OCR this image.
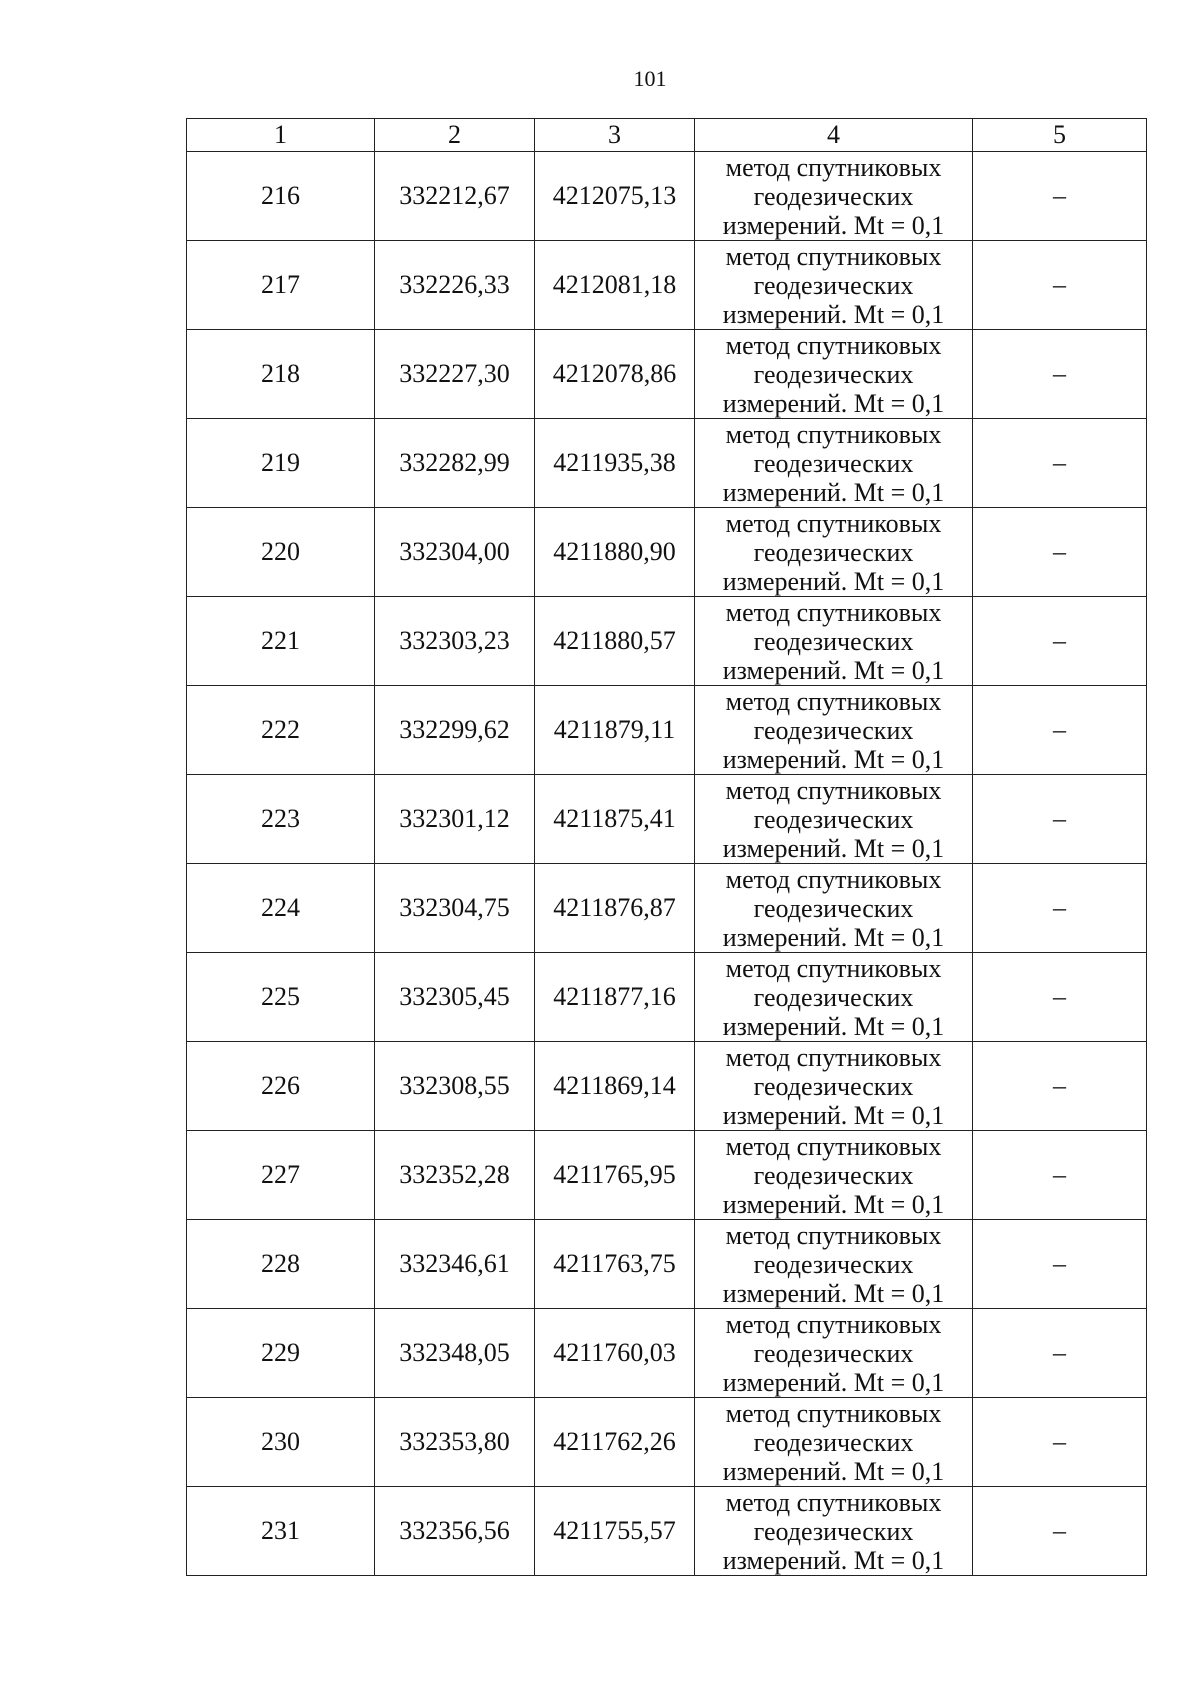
101
1	2	3	4	5
216	332212,67	4212075,13	метод спутниковых
геодезических
измерений. Mt = 0,1	–
217	332226,33	4212081,18	метод спутниковых
геодезических
измерений. Mt = 0,1	–
218	332227,30	4212078,86	метод спутниковых
геодезических
измерений. Mt = 0,1	–
219	332282,99	4211935,38	метод спутниковых
геодезических
измерений. Mt = 0,1	–
220	332304,00	4211880,90	метод спутниковых
геодезических
измерений. Mt = 0,1	–
221	332303,23	4211880,57	метод спутниковых
геодезических
измерений. Mt = 0,1	–
222	332299,62	4211879,11	метод спутниковых
геодезических
измерений. Mt = 0,1	–
223	332301,12	4211875,41	метод спутниковых
геодезических
измерений. Mt = 0,1	–
224	332304,75	4211876,87	метод спутниковых
геодезических
измерений. Mt = 0,1	–
225	332305,45	4211877,16	метод спутниковых
геодезических
измерений. Mt = 0,1	–
226	332308,55	4211869,14	метод спутниковых
геодезических
измерений. Mt = 0,1	–
227	332352,28	4211765,95	метод спутниковых
геодезических
измерений. Mt = 0,1	–
228	332346,61	4211763,75	метод спутниковых
геодезических
измерений. Mt = 0,1	–
229	332348,05	4211760,03	метод спутниковых
геодезических
измерений. Mt = 0,1	–
230	332353,80	4211762,26	метод спутниковых
геодезических
измерений. Mt = 0,1	–
231	332356,56	4211755,57	метод спутниковых
геодезических
измерений. Mt = 0,1	–
